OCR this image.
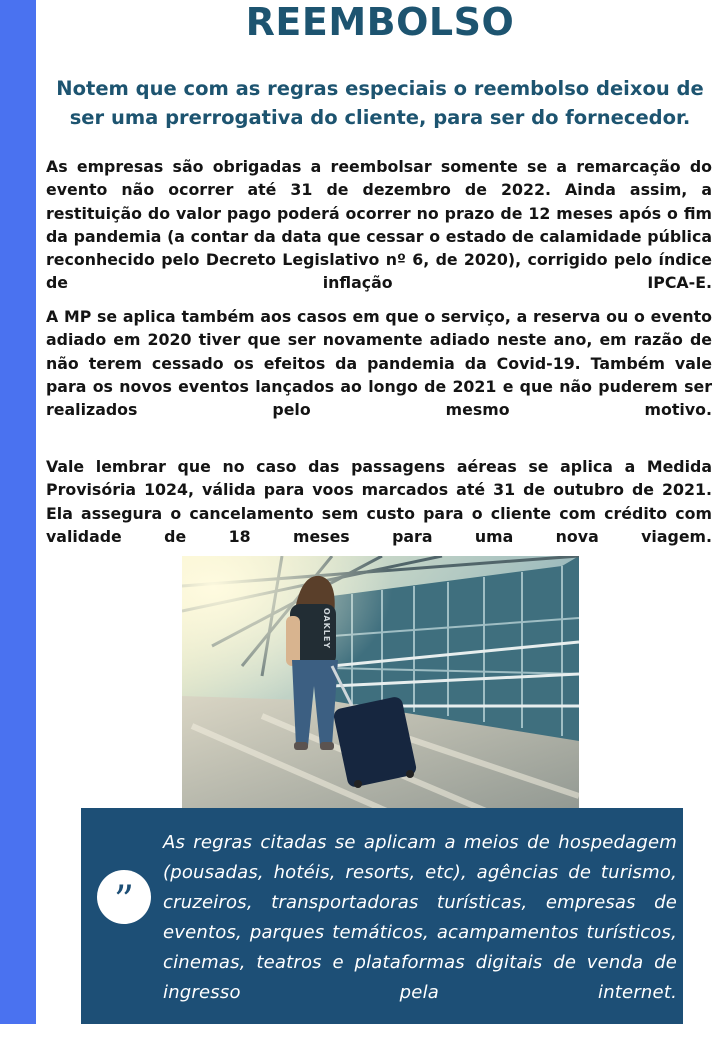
REEMBOLSO
Notem que com as regras especiais o reembolso deixou de ser uma prerrogativa do cliente, para ser do fornecedor.

As empresas são obrigadas a reembolsar somente se a remarcação do evento não ocorrer até 31 de dezembro de 2022. Ainda assim, a restituição do valor pago poderá ocorrer no prazo de 12 meses após o fim da pandemia (a contar da data que cessar o estado de calamidade pública reconhecido pelo Decreto Legislativo nº 6, de 2020), corrigido pelo índice de inflação IPCA-E.

A MP se aplica também aos casos em que o serviço, a reserva ou o evento adiado em 2020 tiver que ser novamente adiado neste ano, em razão de não terem cessado os efeitos da pandemia da Covid-19. Também vale para os novos eventos lançados ao longo de 2021 e que não puderem ser realizados pelo mesmo motivo.

Vale lembrar que no caso das passagens aéreas se aplica a Medida Provisória 1024, válida para voos marcados até 31 de outubro de 2021. Ela assegura o cancelamento sem custo para o cliente com crédito com validade de 18 meses para uma nova viagem.

OAKLEY
”

As regras citadas se aplicam a meios de hospedagem (pousadas, hotéis, resorts, etc), agências de turismo, cruzeiros, transportadoras turísticas, empresas de eventos, parques temáticos, acampamentos turísticos, cinemas, teatros e plataformas digitais de venda de ingresso pela internet.
